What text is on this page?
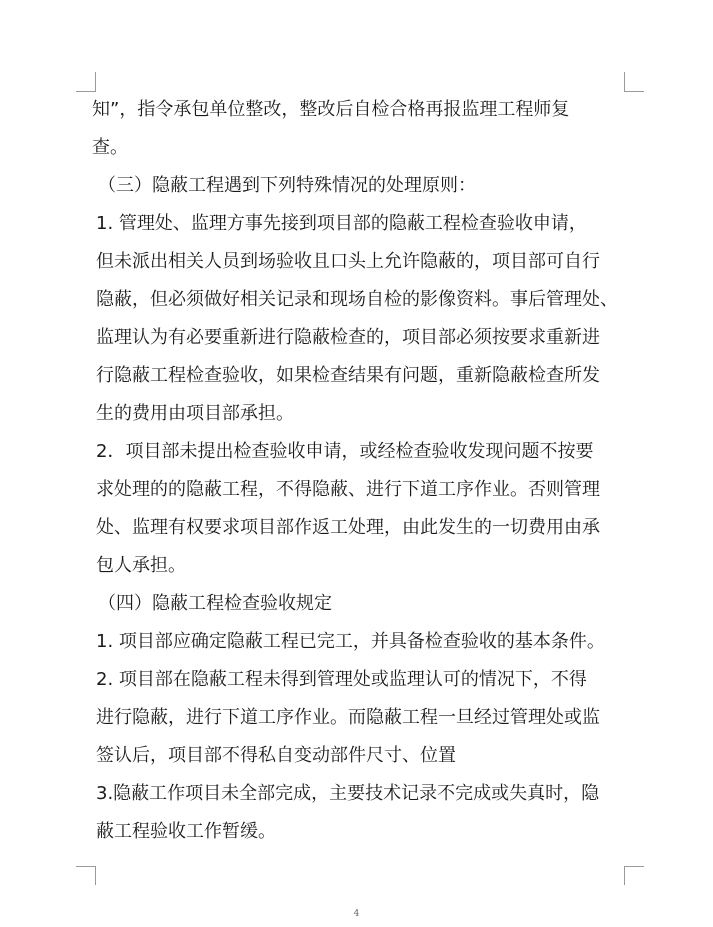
知”，指令承包单位整改，整改后自检合格再报监理工程师复
查。
（三）隐蔽工程遇到下列特殊情况的处理原则：
1. 管理处、监理方事先接到项目部的隐蔽工程检查验收申请，
但未派出相关人员到场验收且口头上允许隐蔽的，项目部可自行
隐蔽，但必须做好相关记录和现场自检的影像资料。事后管理处、
监理认为有必要重新进行隐蔽检查的，项目部必须按要求重新进
行隐蔽工程检查验收，如果检查结果有问题，重新隐蔽检查所发
生的费用由项目部承担。
2．项目部未提出检查验收申请，或经检查验收发现问题不按要
求处理的的隐蔽工程，不得隐蔽、进行下道工序作业。否则管理
处、监理有权要求项目部作返工处理，由此发生的一切费用由承
包人承担。
（四）隐蔽工程检查验收规定
1. 项目部应确定隐蔽工程已完工，并具备检查验收的基本条件。
2. 项目部在隐蔽工程未得到管理处或监理认可的情况下，不得
进行隐蔽，进行下道工序作业。而隐蔽工程一旦经过管理处或监
签认后，项目部不得私自变动部件尺寸、位置
3.隐蔽工作项目未全部完成，主要技术记录不完成或失真时，隐
蔽工程验收工作暂缓。
4
